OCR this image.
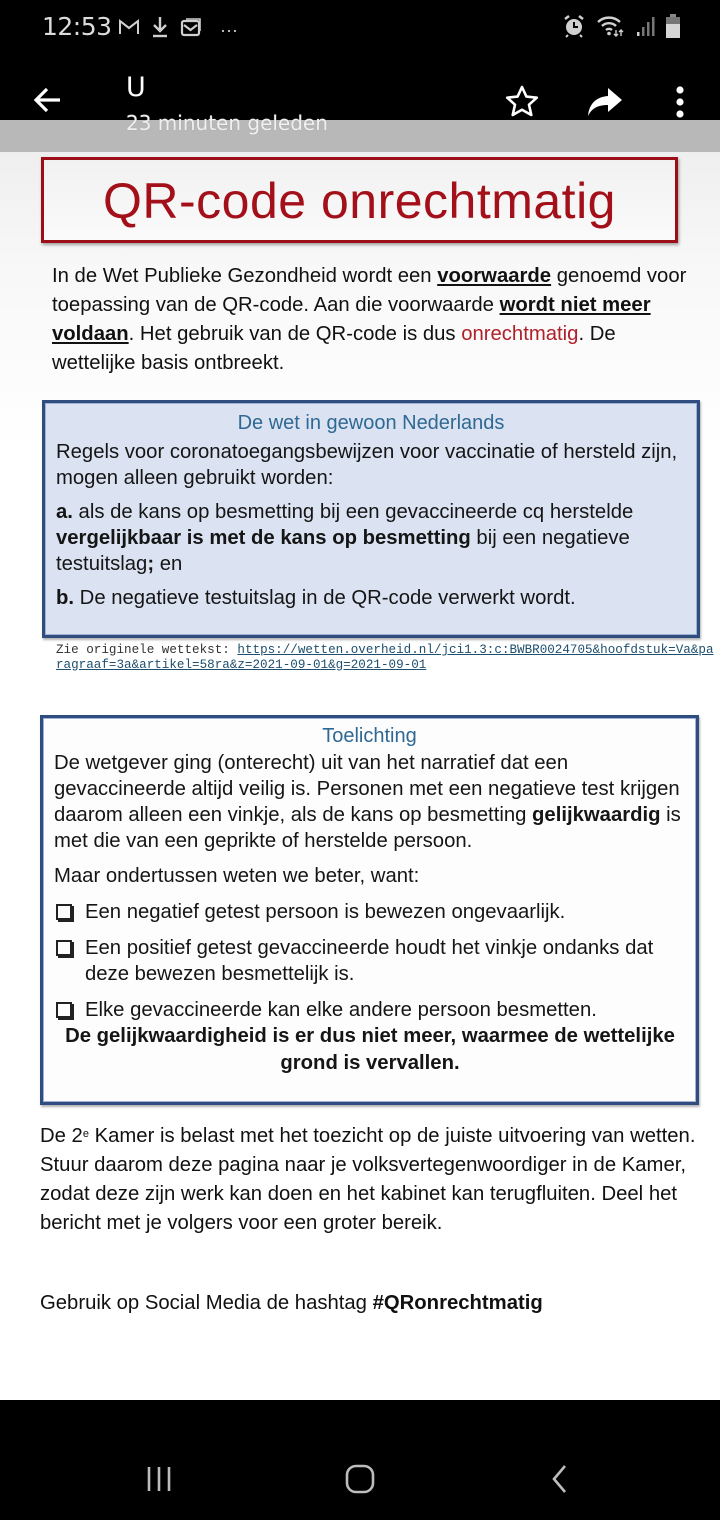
12:53	···
U
23 minuten geleden
QR-code onrechtmatig
In de Wet Publieke Gezondheid wordt een voorwaarde genoemd voor toepassing van de QR-code. Aan die voorwaarde wordt niet meer voldaan. Het gebruik van de QR-code is dus onrechtmatig. De wettelijke basis ontbreekt.
De wet in gewoon Nederlands

Regels voor coronatoegangsbewijzen voor vaccinatie of hersteld zijn, mogen alleen gebruikt worden:

a. als de kans op besmetting bij een gevaccineerde cq herstelde vergelijkbaar is met de kans op besmetting bij een negatieve testuitslag; en

b. De negatieve testuitslag in de QR-code verwerkt wordt.

Zie originele wettekst: https://wetten.overheid.nl/jci1.3:c:BWBR0024705&hoofdstuk=Va&paragraaf=3a&artikel=58ra&z=2021-09-01&g=2021-09-01
Toelichting

De wetgever ging (onterecht) uit van het narratief dat een gevaccineerde altijd veilig is. Personen met een negatieve test krijgen daarom alleen een vinkje, als de kans op besmetting gelijkwaardig is met die van een geprikte of herstelde persoon.

Maar ondertussen weten we beter, want:

Een negatief getest persoon is bewezen ongevaarlijk.
Een positief getest gevaccineerde houdt het vinkje ondanks dat deze bewezen besmettelijk is.
Elke gevaccineerde kan elke andere persoon besmetten.

De gelijkwaardigheid is er dus niet meer, waarmee de wettelijke grond is vervallen.

De 2e Kamer is belast met het toezicht op de juiste uitvoering van wetten. Stuur daarom deze pagina naar je volksvertegenwoordiger in de Kamer, zodat deze zijn werk kan doen en het kabinet kan terugfluiten. Deel het bericht met je volgers voor een groter bereik.
Gebruik op Social Media de hashtag #QRonrechtmatig
